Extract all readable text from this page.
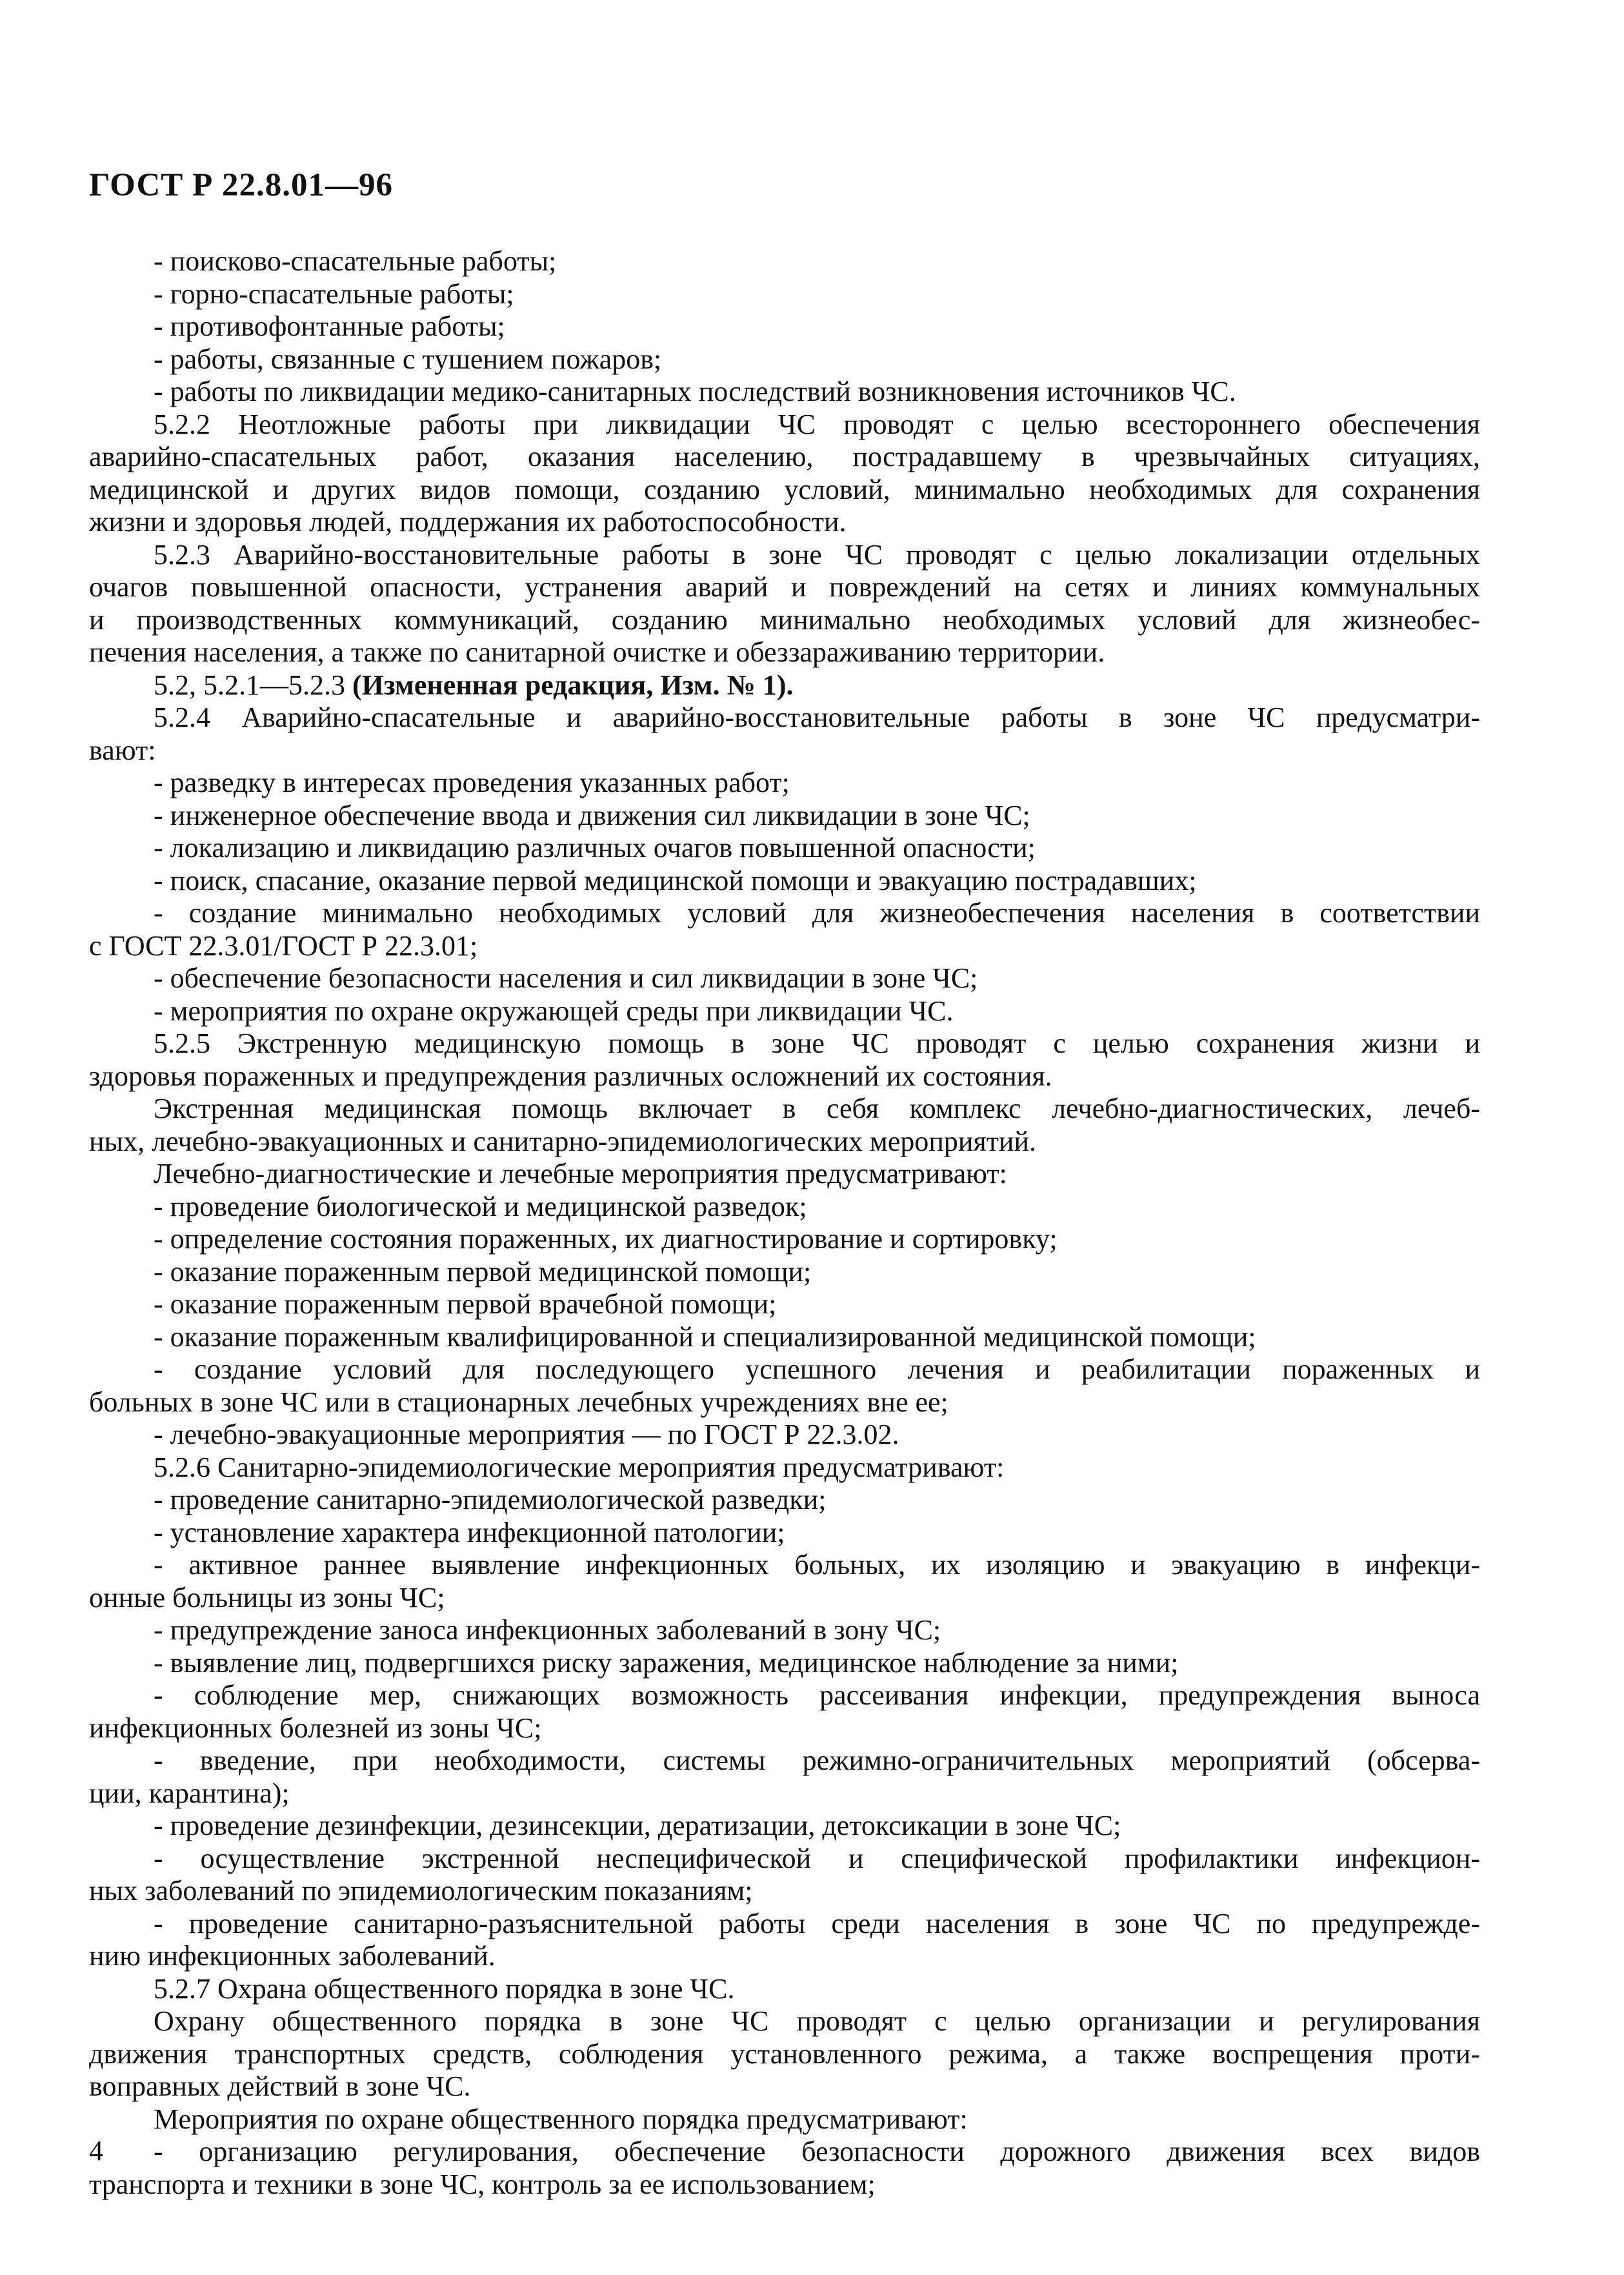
ГОСТ Р 22.8.01—96
- поисково-спасательные работы;
- горно-спасательные работы;
- противофонтанные работы;
- работы, связанные с тушением пожаров;
- работы по ликвидации медико-санитарных последствий возникновения источников ЧС.
5.2.2 Неотложные работы при ликвидации ЧС проводят с целью всестороннего обеспечения
аварийно-спасательных работ, оказания населению, пострадавшему в чрезвычайных ситуациях,
медицинской и других видов помощи, созданию условий, минимально необходимых для сохранения
жизни и здоровья людей, поддержания их работоспособности.
5.2.3 Аварийно-восстановительные работы в зоне ЧС проводят с целью локализации отдельных
очагов повышенной опасности, устранения аварий и повреждений на сетях и линиях коммунальных
и производственных коммуникаций, созданию минимально необходимых условий для жизнеобес-
печения населения, а также по санитарной очистке и обеззараживанию территории.
5.2, 5.2.1—5.2.3 (Измененная редакция, Изм. № 1).
5.2.4 Аварийно-спасательные и аварийно-восстановительные работы в зоне ЧС предусматри-
вают:
- разведку в интересах проведения указанных работ;
- инженерное обеспечение ввода и движения сил ликвидации в зоне ЧС;
- локализацию и ликвидацию различных очагов повышенной опасности;
- поиск, спасание, оказание первой медицинской помощи и эвакуацию пострадавших;
- создание минимально необходимых условий для жизнеобеспечения населения в соответствии
с ГОСТ 22.3.01/ГОСТ Р 22.3.01;
- обеспечение безопасности населения и сил ликвидации в зоне ЧС;
- мероприятия по охране окружающей среды при ликвидации ЧС.
5.2.5 Экстренную медицинскую помощь в зоне ЧС проводят с целью сохранения жизни и
здоровья пораженных и предупреждения различных осложнений их состояния.
Экстренная медицинская помощь включает в себя комплекс лечебно-диагностических, лечеб-
ных, лечебно-эвакуационных и санитарно-эпидемиологических мероприятий.
Лечебно-диагностические и лечебные мероприятия предусматривают:
- проведение биологической и медицинской разведок;
- определение состояния пораженных, их диагностирование и сортировку;
- оказание пораженным первой медицинской помощи;
- оказание пораженным первой врачебной помощи;
- оказание пораженным квалифицированной и специализированной медицинской помощи;
- создание условий для последующего успешного лечения и реабилитации пораженных и
больных в зоне ЧС или в стационарных лечебных учреждениях вне ее;
- лечебно-эвакуационные мероприятия — по ГОСТ Р 22.3.02.
5.2.6 Санитарно-эпидемиологические мероприятия предусматривают:
- проведение санитарно-эпидемиологической разведки;
- установление характера инфекционной патологии;
- активное раннее выявление инфекционных больных, их изоляцию и эвакуацию в инфекци-
онные больницы из зоны ЧС;
- предупреждение заноса инфекционных заболеваний в зону ЧС;
- выявление лиц, подвергшихся риску заражения, медицинское наблюдение за ними;
- соблюдение мер, снижающих возможность рассеивания инфекции, предупреждения выноса
инфекционных болезней из зоны ЧС;
- введение, при необходимости, системы режимно-ограничительных мероприятий (обсерва-
ции, карантина);
- проведение дезинфекции, дезинсекции, дератизации, детоксикации в зоне ЧС;
- осуществление экстренной неспецифической и специфической профилактики инфекцион-
ных заболеваний по эпидемиологическим показаниям;
- проведение санитарно-разъяснительной работы среди населения в зоне ЧС по предупрежде-
нию инфекционных заболеваний.
5.2.7 Охрана общественного порядка в зоне ЧС.
Охрану общественного порядка в зоне ЧС проводят с целью организации и регулирования
движения транспортных средств, соблюдения установленного режима, а также воспрещения проти-
воправных действий в зоне ЧС.
Мероприятия по охране общественного порядка предусматривают:
- организацию регулирования, обеспечение безопасности дорожного движения всех видов
транспорта и техники в зоне ЧС, контроль за ее использованием;
4
